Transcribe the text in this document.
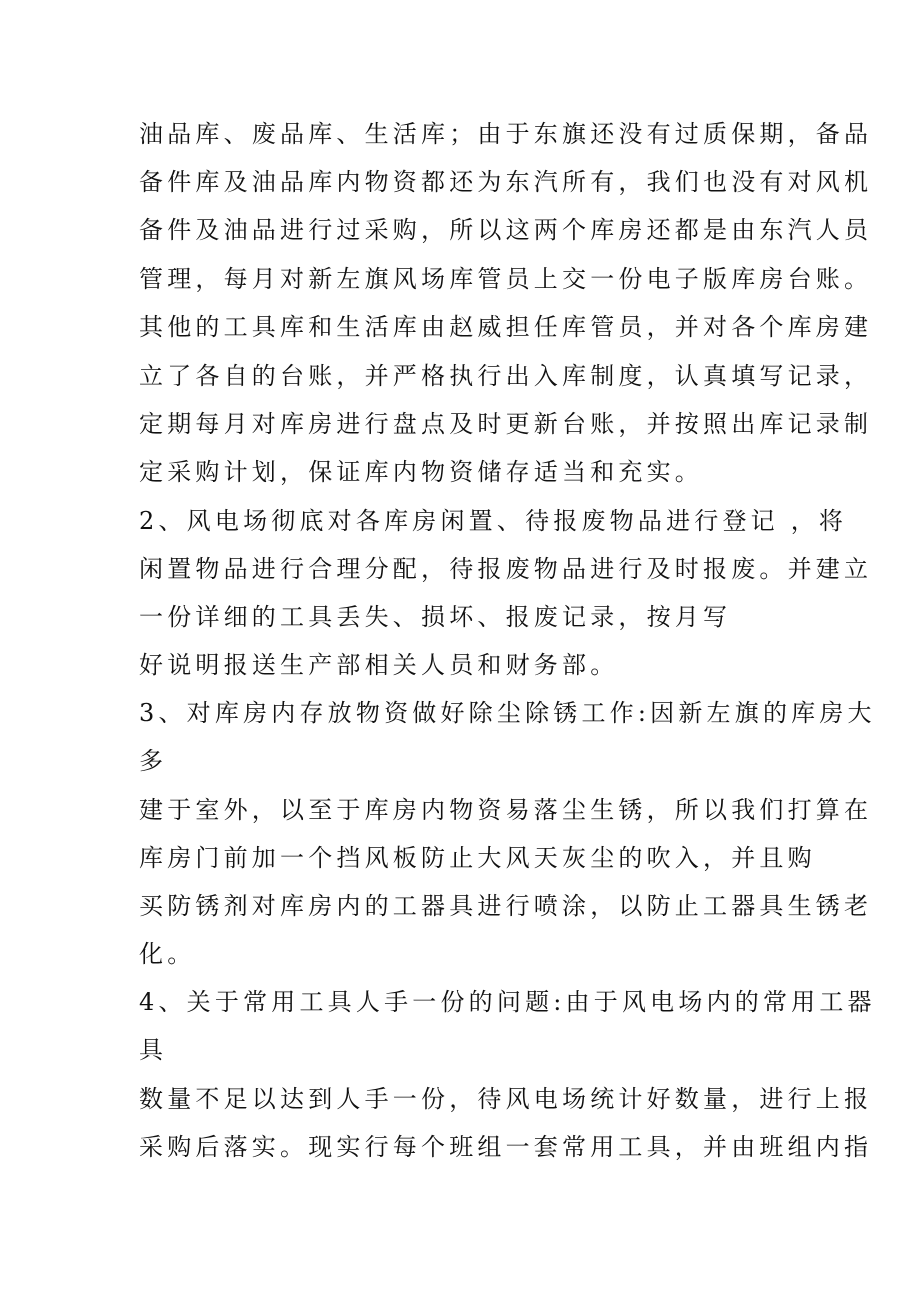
油品库、废品库、生活库；由于东旗还没有过质保期，备品

备件库及油品库内物资都还为东汽所有，我们也没有对风机

备件及油品进行过采购，所以这两个库房还都是由东汽人员

管理，每月对新左旗风场库管员上交一份电子版库房台账。

其他的工具库和生活库由赵威担任库管员，并对各个库房建

立了各自的台账，并严格执行出入库制度，认真填写记录，

定期每月对库房进行盘点及时更新台账，并按照出库记录制

定采购计划，保证库内物资储存适当和充实。

2、风电场彻底对各库房闲置、待报废物品进行登记 ，将

闲置物品进行合理分配，待报废物品进行及时报废。并建立

一份详细的工具丢失、损坏、报废记录，按月写

好说明报送生产部相关人员和财务部。

3、对库房内存放物资做好除尘除锈工作:因新左旗的库房大

多

建于室外，以至于库房内物资易落尘生锈，所以我们打算在

库房门前加一个挡风板防止大风天灰尘的吹入，并且购

买防锈剂对库房内的工器具进行喷涂，以防止工器具生锈老

化。

4、关于常用工具人手一份的问题:由于风电场内的常用工器

具

数量不足以达到人手一份，待风电场统计好数量，进行上报

采购后落实。现实行每个班组一套常用工具，并由班组内指
